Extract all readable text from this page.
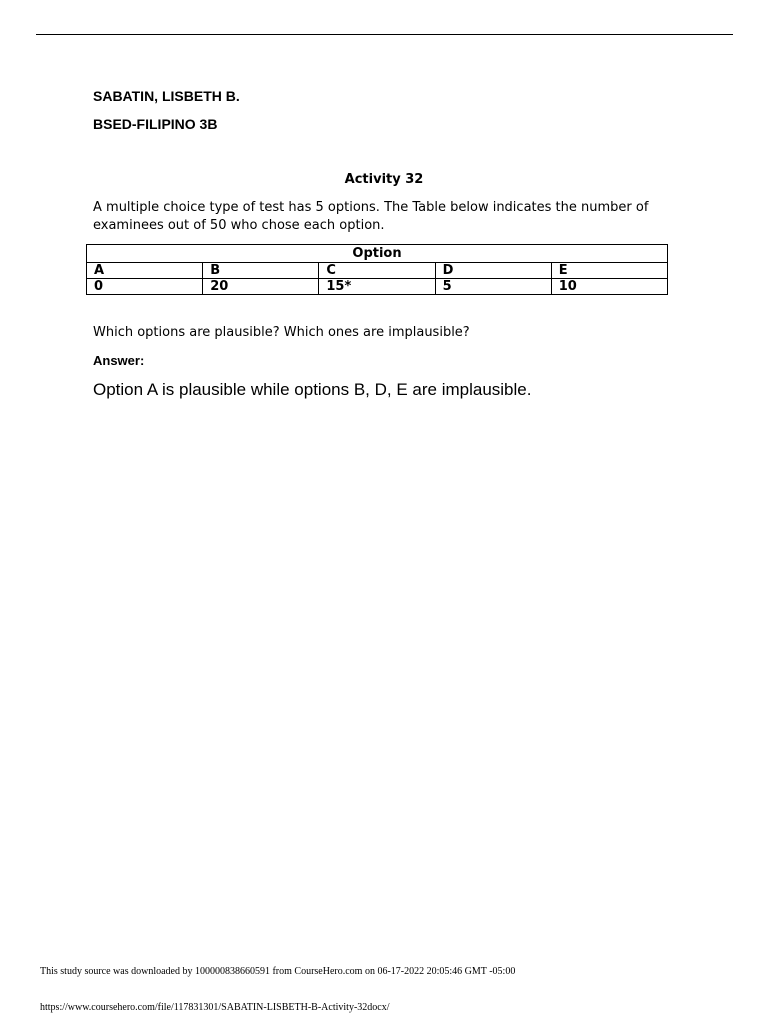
SABATIN, LISBETH B.
BSED-FILIPINO 3B
Activity 32
A multiple choice type of test has 5 options. The Table below indicates the number of examinees out of 50 who chose each option.
Option				
A	B	C	D	E
0	20	15*	5	10
Which options are plausible? Which ones are implausible?
Answer:
Option A is plausible while options B, D, E are implausible.
This study source was downloaded by 100000838660591 from CourseHero.com on 06-17-2022 20:05:46 GMT -05:00
https://www.coursehero.com/file/117831301/SABATIN-LISBETH-B-Activity-32docx/
